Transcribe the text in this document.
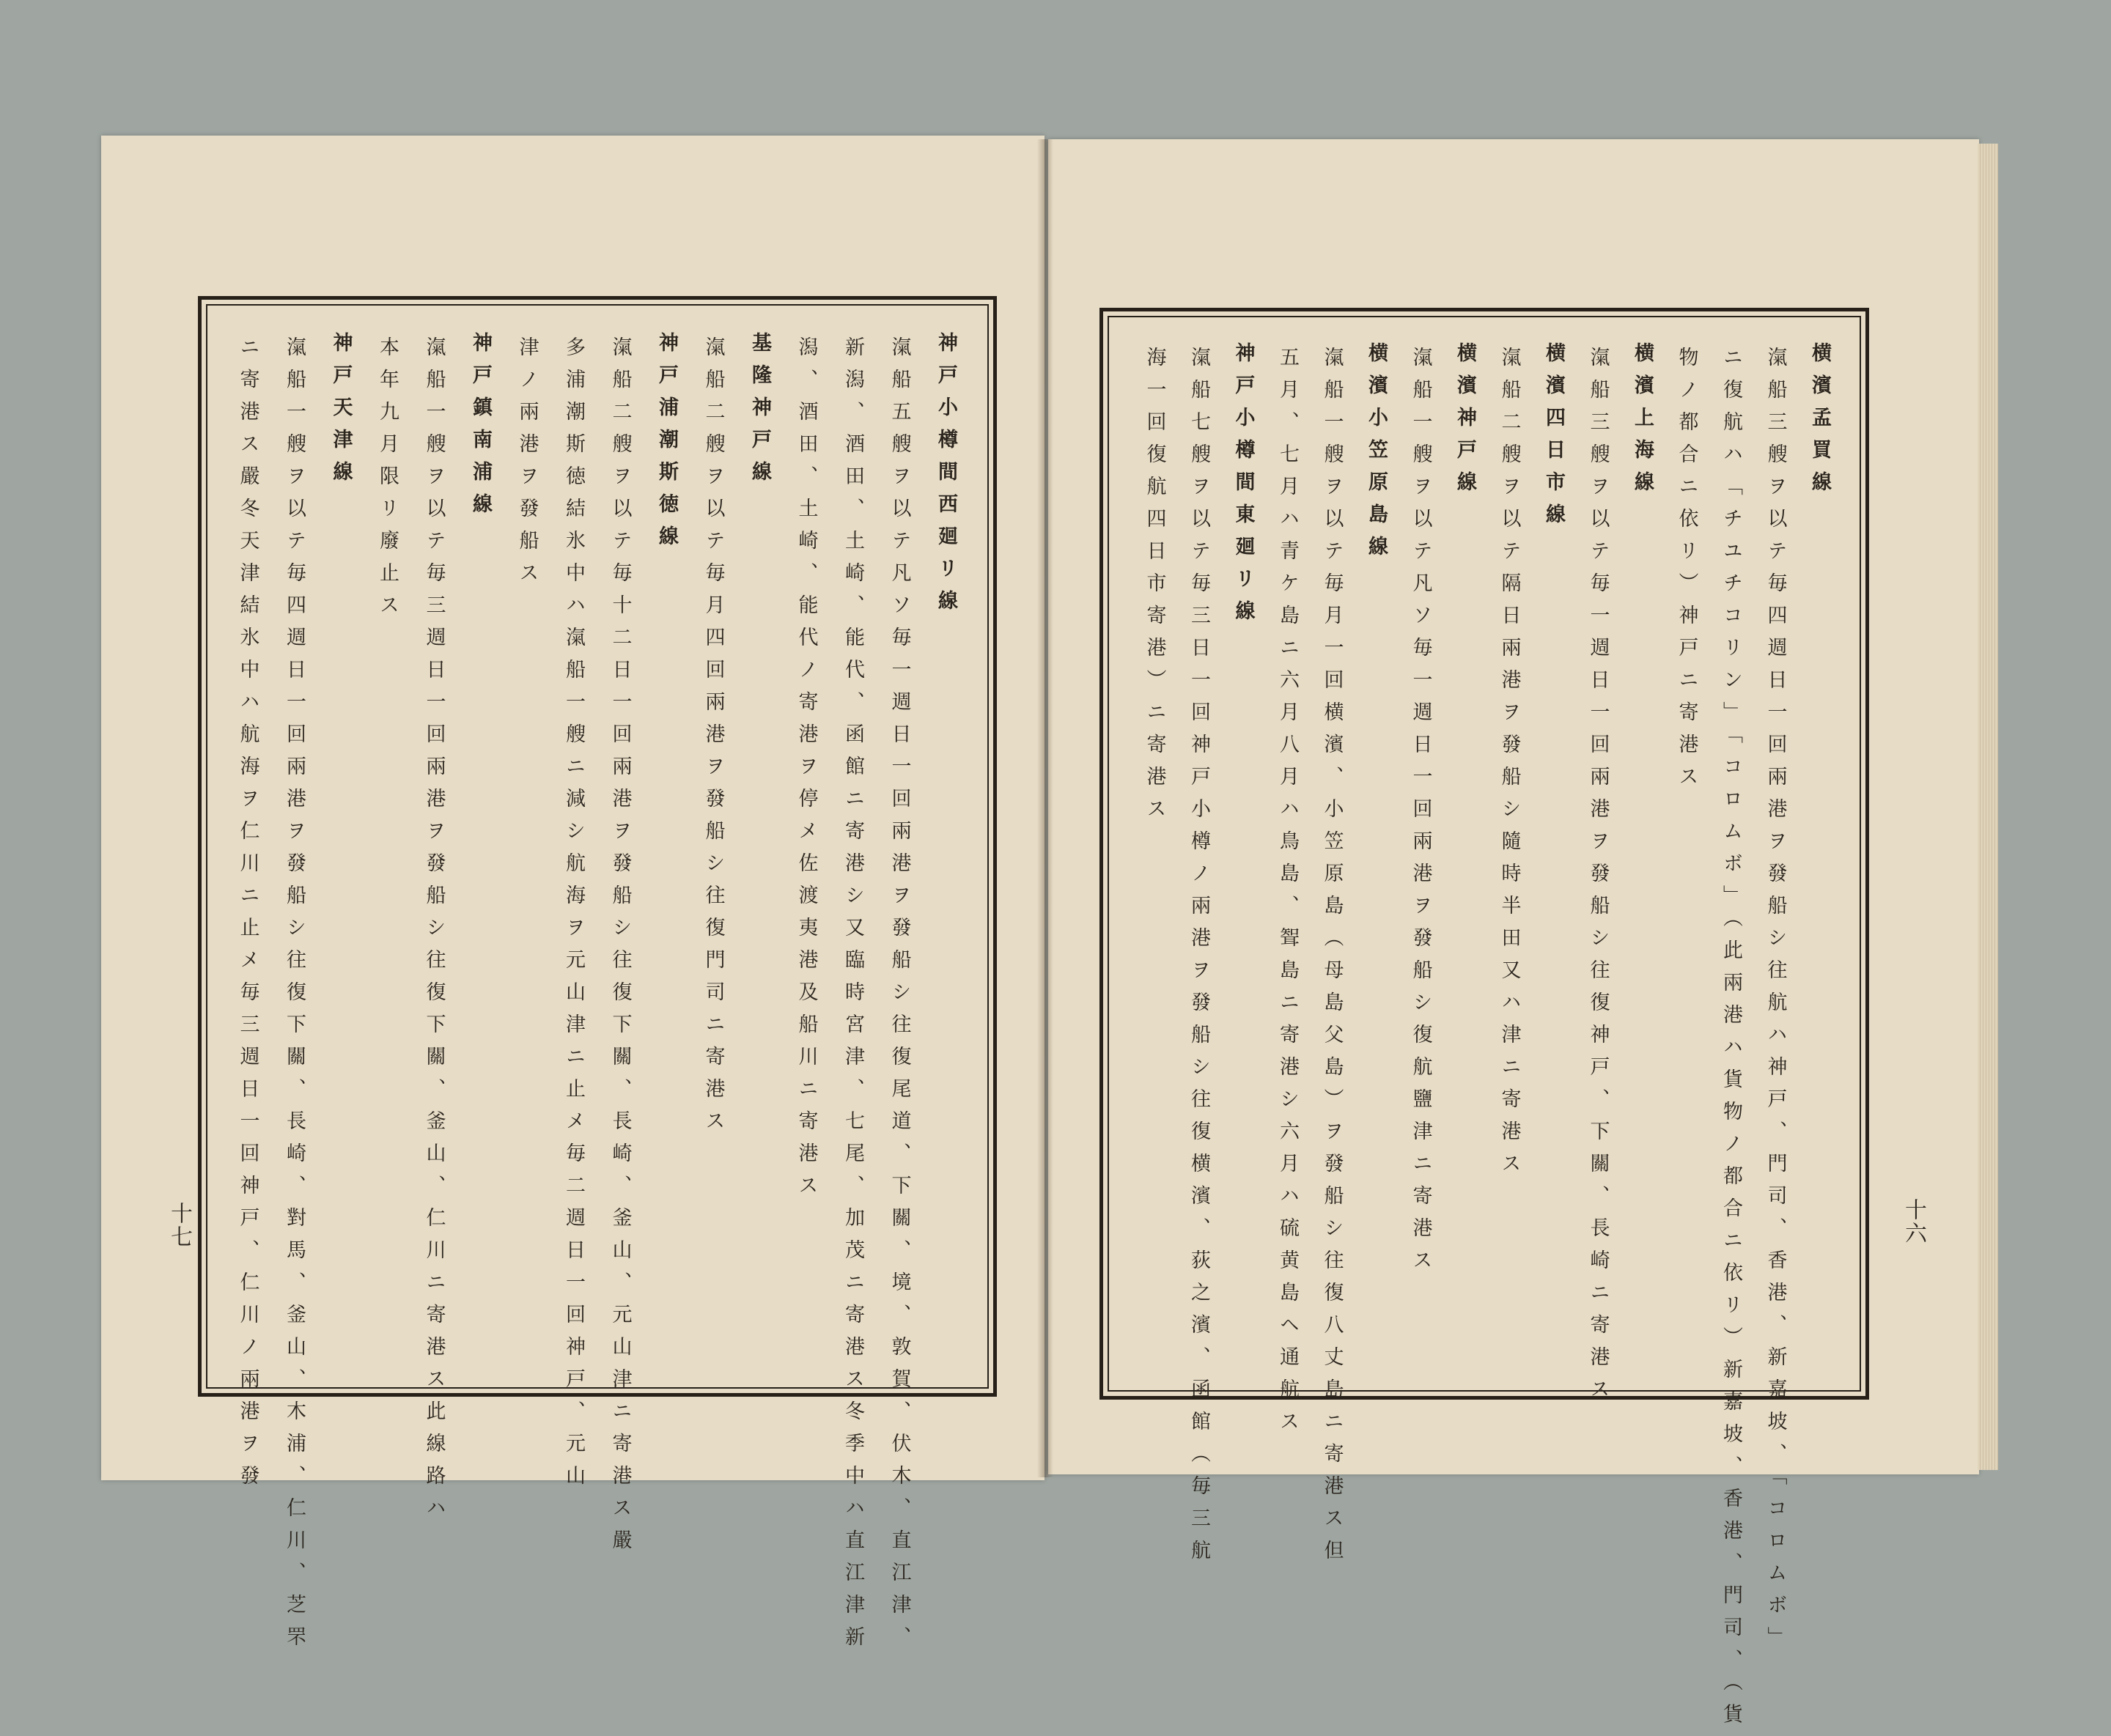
神戸小樽間西廻リ線
滊船五艘ヲ以テ凡ソ毎一週日一回兩港ヲ發船シ往復尾道、下關、境、敦賀、伏木、直江津、
新潟、酒田、土崎、能代、函館ニ寄港シ又臨時宮津、七尾、加茂ニ寄港ス冬季中ハ直江津新
潟、酒田、土崎、能代ノ寄港ヲ停メ佐渡夷港及船川ニ寄港ス
基隆神戸線
滊船二艘ヲ以テ毎月四回兩港ヲ發船シ往復門司ニ寄港ス
神戸浦潮斯徳線
滊船二艘ヲ以テ毎十二日一回兩港ヲ發船シ往復下關、長崎、釜山、元山津ニ寄港ス嚴
多浦潮斯徳結氷中ハ滊船一艘ニ減シ航海ヲ元山津ニ止メ毎二週日一回神戸、元山
津ノ兩港ヲ發船ス
神戸鎮南浦線
滊船一艘ヲ以テ毎三週日一回兩港ヲ發船シ往復下關、釜山、仁川ニ寄港ス此線路ハ
本年九月限リ廢止ス
神戸天津線
滊船一艘ヲ以テ毎四週日一回兩港ヲ發船シ往復下關、長崎、對馬、釜山、木浦、仁川、芝罘
ニ寄港ス嚴冬天津結氷中ハ航海ヲ仁川ニ止メ毎三週日一回神戸、仁川ノ兩港ヲ發	横濱孟買線
滊船三艘ヲ以テ毎四週日一回兩港ヲ發船シ往航ハ神戸、門司、香港、新嘉坡、「コロムボ」
ニ復航ハ「チユチコリン」「コロムボ」（此兩港ハ貨物ノ都合ニ依リ）新嘉坡、香港、門司、（貨
物ノ都合ニ依リ）神戸ニ寄港ス
横濱上海線
滊船三艘ヲ以テ毎一週日一回兩港ヲ發船シ往復神戸、下關、長崎ニ寄港ス
横濱四日市線
滊船二艘ヲ以テ隔日兩港ヲ發船シ隨時半田又ハ津ニ寄港ス
横濱神戸線
滊船一艘ヲ以テ凡ソ毎一週日一回兩港ヲ發船シ復航鹽津ニ寄港ス
横濱小笠原島線
滊船一艘ヲ以テ毎月一回横濱、小笠原島（母島父島）ヲ發船シ往復八丈島ニ寄港ス但
五月、七月ハ青ケ島ニ六月八月ハ鳥島、聟島ニ寄港シ六月ハ硫黄島ヘ通航ス
神戸小樽間東廻リ線
滊船七艘ヲ以テ毎三日一回神戸小樽ノ兩港ヲ發船シ往復横濱、荻之濱、函館（毎三航
海一回復航四日市寄港）ニ寄港ス
十七	十六
